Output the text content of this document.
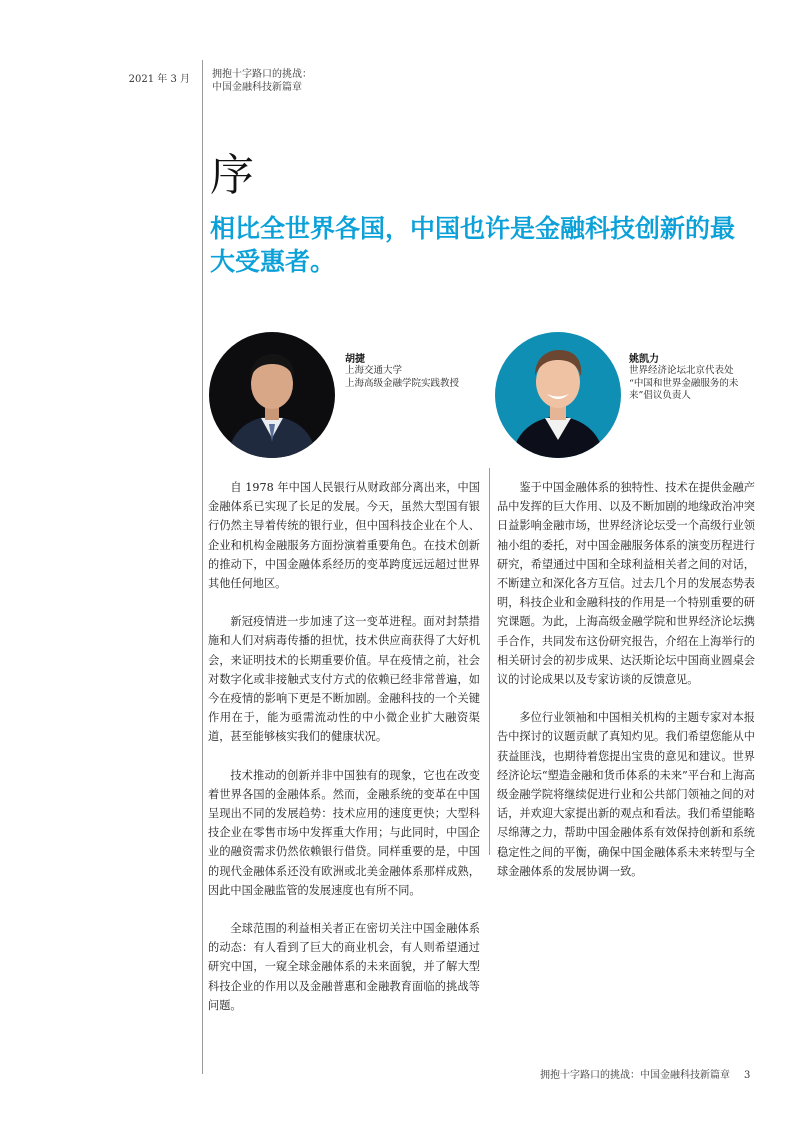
2021 年 3 月 拥抱十字路口的挑战：
中国金融科技新篇章
序
相比全世界各国，中国也许是金融科技创新的最大受惠者。
胡捷
上海交通大学
上海高级金融学院实践教授
姚凯力
世界经济论坛北京代表处
“中国和世界金融服务的未
来”倡议负责人

自 1978 年中国人民银行从财政部分离出来，中国金融体系已实现了长足的发展。今天，虽然大型国有银行仍然主导着传统的银行业，但中国科技企业在个人、企业和机构金融服务方面扮演着重要角色。在技术创新的推动下，中国金融体系经历的变革跨度远远超过世界其他任何地区。

新冠疫情进一步加速了这一变革进程。面对封禁措施和人们对病毒传播的担忧，技术供应商获得了大好机会，来证明技术的长期重要价值。早在疫情之前，社会对数字化或非接触式支付方式的依赖已经非常普遍，如今在疫情的影响下更是不断加剧。金融科技的一个关键作用在于，能为亟需流动性的中小微企业扩大融资渠道，甚至能够核实我们的健康状况。

技术推动的创新并非中国独有的现象，它也在改变着世界各国的金融体系。然而，金融系统的变革在中国呈现出不同的发展趋势：技术应用的速度更快；大型科技企业在零售市场中发挥重大作用；与此同时，中国企业的融资需求仍然依赖银行借贷。同样重要的是，中国的现代金融体系还没有欧洲或北美金融体系那样成熟，因此中国金融监管的发展速度也有所不同。

全球范围的利益相关者正在密切关注中国金融体系的动态：有人看到了巨大的商业机会，有人则希望通过研究中国，一窥全球金融体系的未来面貌，并了解大型科技企业的作用以及金融普惠和金融教育面临的挑战等问题。

鉴于中国金融体系的独特性、技术在提供金融产品中发挥的巨大作用、以及不断加剧的地缘政治冲突日益影响金融市场，世界经济论坛受一个高级行业领袖小组的委托，对中国金融服务体系的演变历程进行研究，希望通过中国和全球利益相关者之间的对话，不断建立和深化各方互信。过去几个月的发展态势表明，科技企业和金融科技的作用是一个特别重要的研究课题。为此，上海高级金融学院和世界经济论坛携手合作，共同发布这份研究报告，介绍在上海举行的相关研讨会的初步成果、达沃斯论坛中国商业圆桌会议的讨论成果以及专家访谈的反馈意见。

多位行业领袖和中国相关机构的主题专家对本报告中探讨的议题贡献了真知灼见。我们希望您能从中获益匪浅，也期待着您提出宝贵的意见和建议。世界经济论坛“塑造金融和货币体系的未来”平台和上海高级金融学院将继续促进行业和公共部门领袖之间的对话，并欢迎大家提出新的观点和看法。我们希望能略尽绵薄之力，帮助中国金融体系有效保持创新和系统稳定性之间的平衡，确保中国金融体系未来转型与全球金融体系的发展协调一致。

拥抱十字路口的挑战：中国金融科技新篇章 3
